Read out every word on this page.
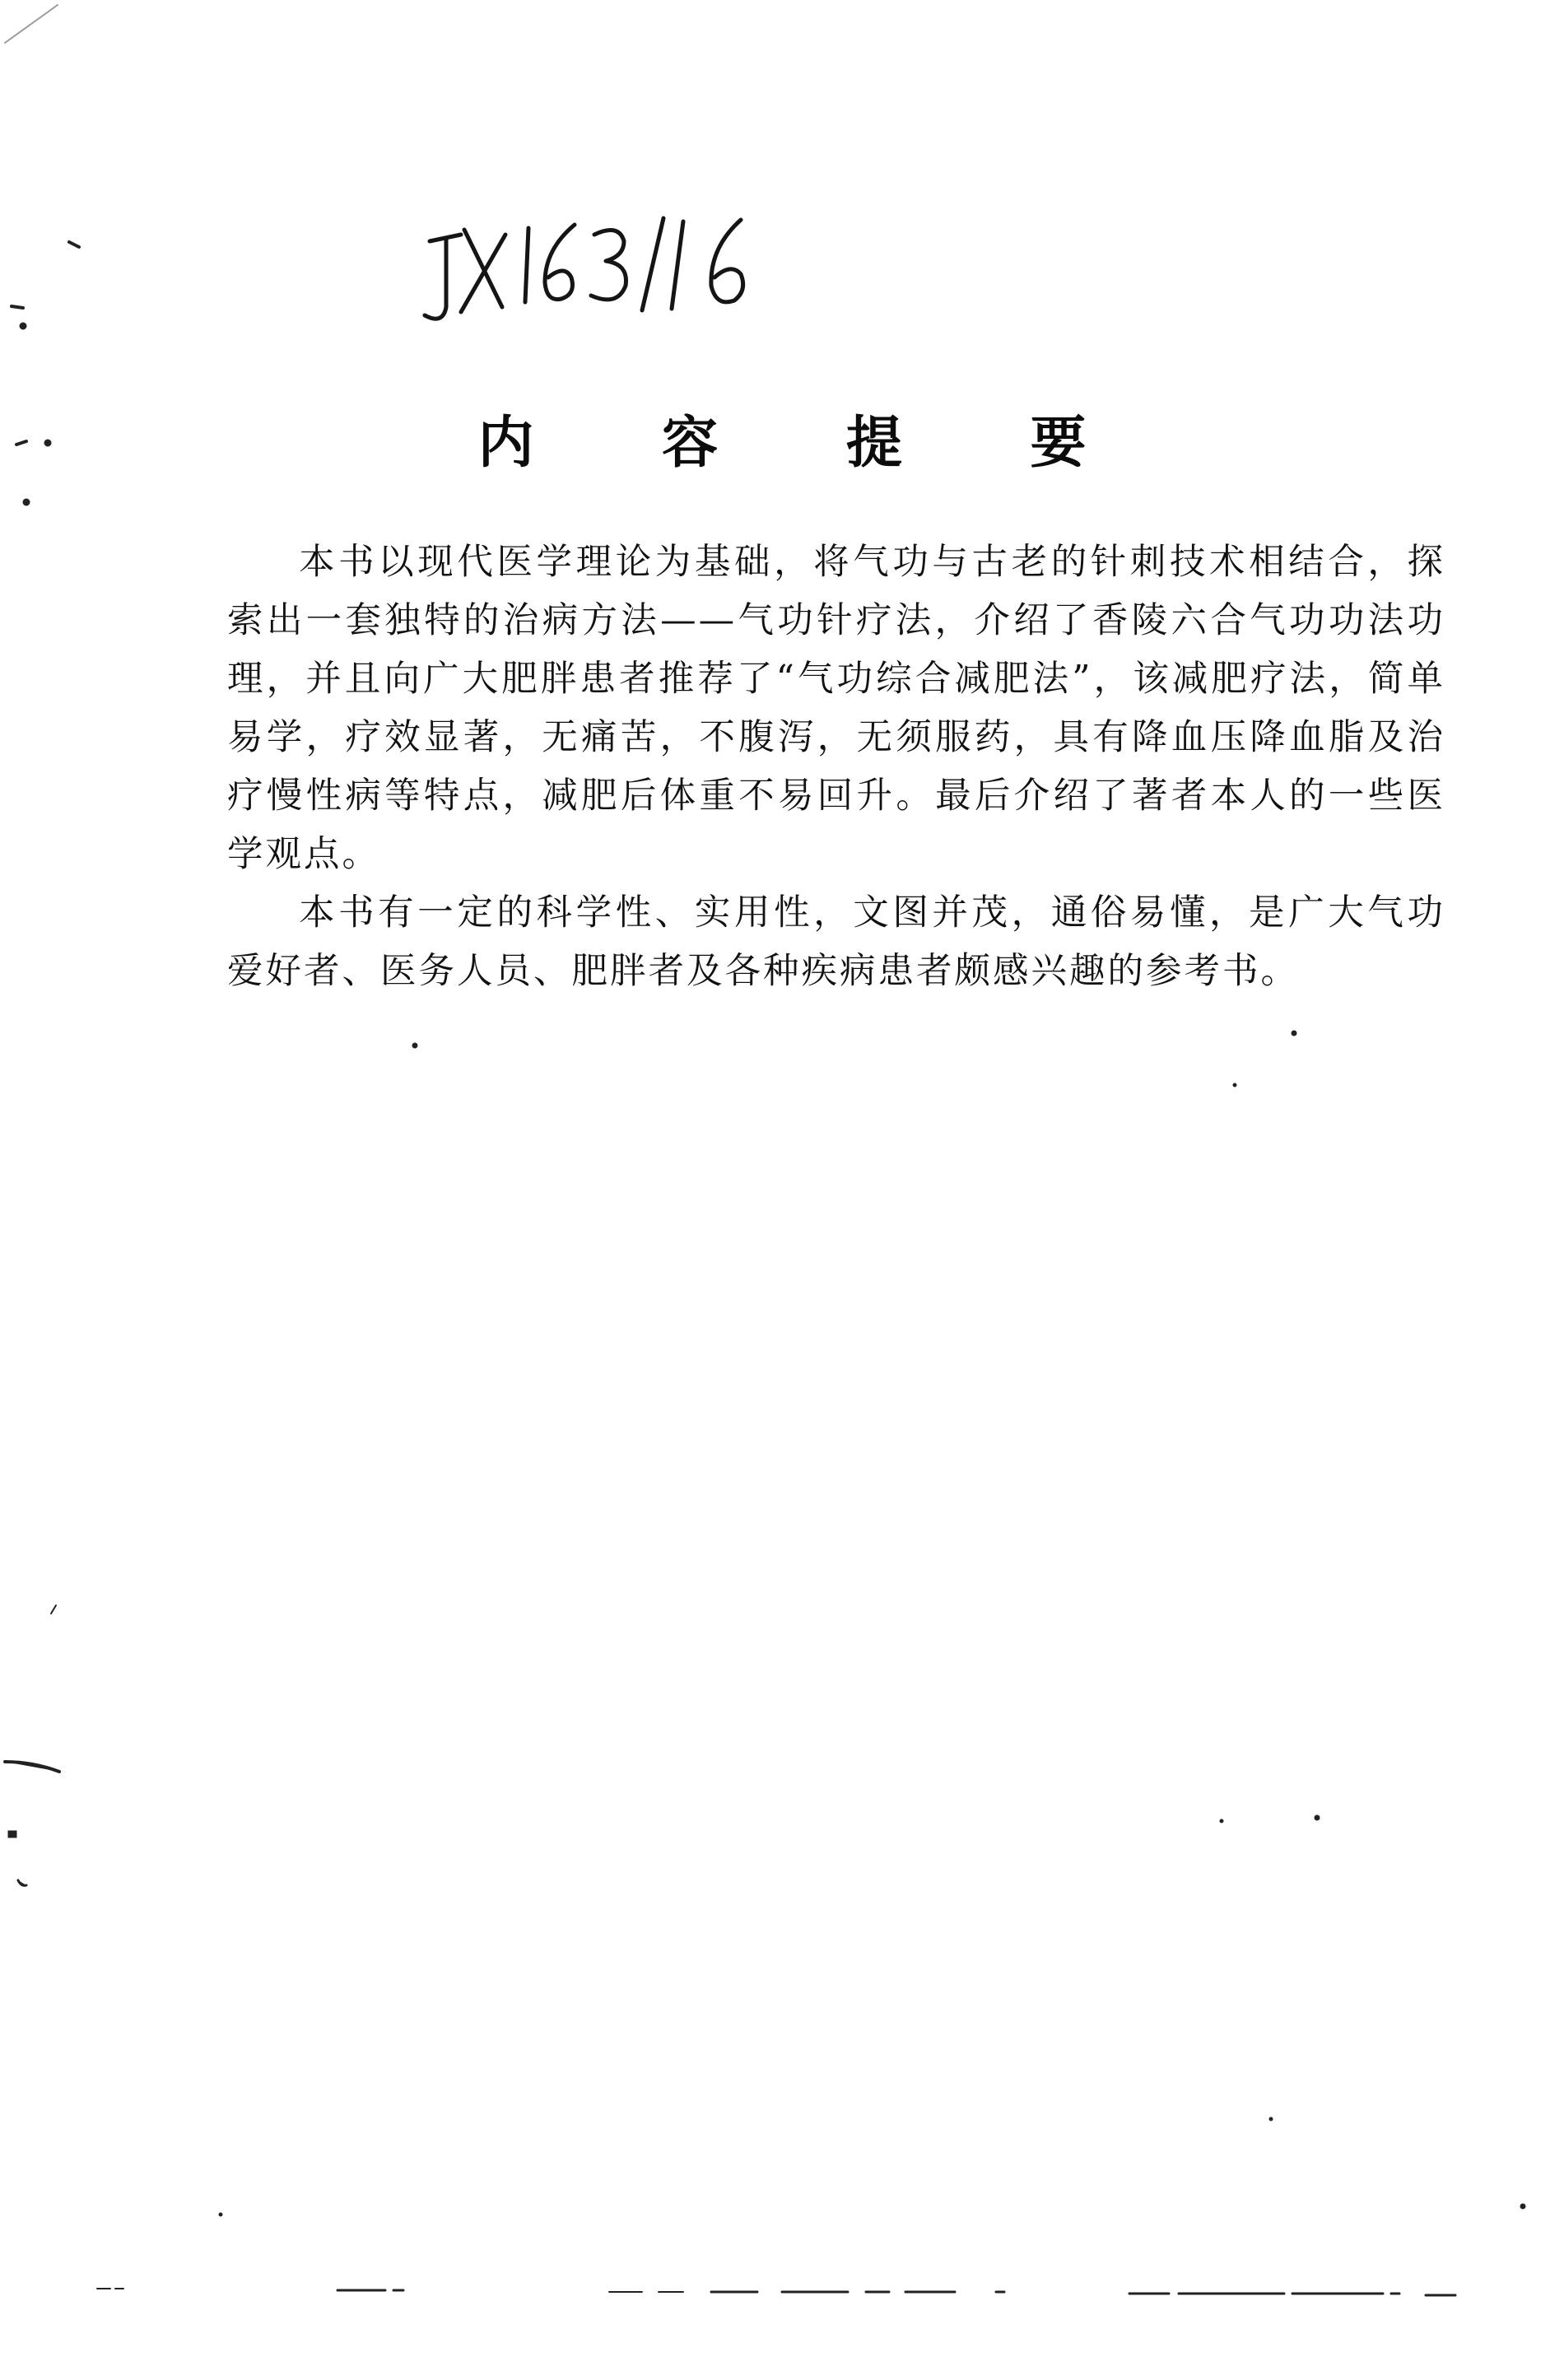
内 容 提 要

本书以现代医学理论为基础，将气功与古老的针刺技术相结合，探索出一套独特的治病方法——气功针疗法，介绍了香陵六合气功功法功理，并且向广大肥胖患者推荐了“气功综合减肥法”，该减肥疗法，简单易学，疗效显著，无痛苦，不腹泻，无须服药，具有降血压降血脂及治疗慢性病等特点，减肥后体重不易回升。最后介绍了著者本人的一些医学观点。

本书有一定的科学性、实用性，文图并茂，通俗易懂，是广大气功爱好者、医务人员、肥胖者及各种疾病患者颇感兴趣的参考书。
